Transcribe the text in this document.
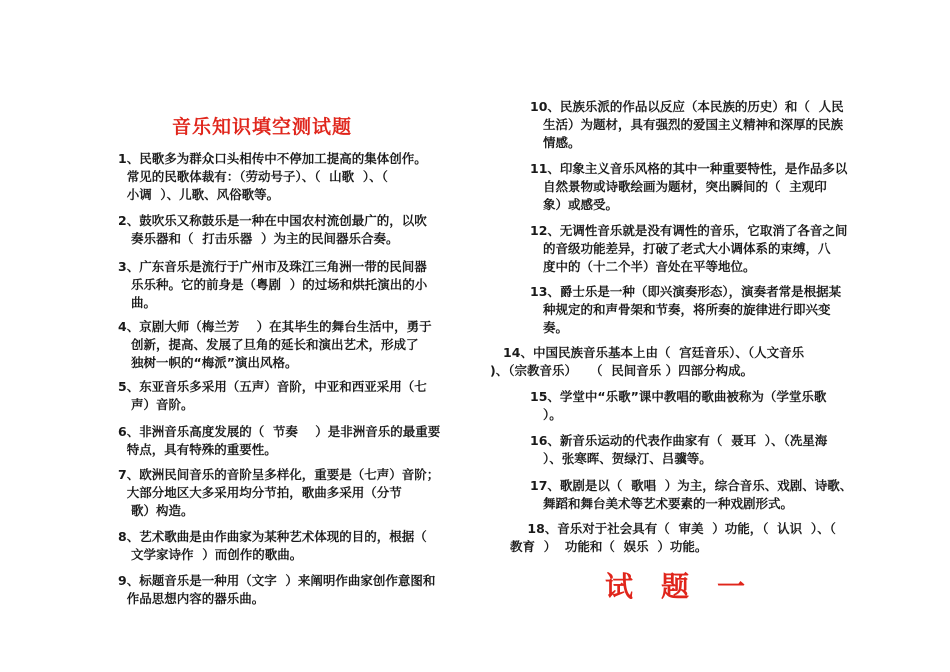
音乐知识填空测试题
1、民歌多为群众口头相传中不停加工提高的集体创作。
常见的民歌体裁有：（劳动号子）、（  山歌  ）、（
小调  ）、儿歌、风俗歌等。
2、鼓吹乐又称鼓乐是一种在中国农村流创最广的，以吹
奏乐器和（  打击乐器  ）为主的民间器乐合奏。
3、广东音乐是流行于广州市及珠江三角洲一带的民间器
乐乐种。它的前身是（粤剧  ）的过场和烘托演出的小
曲。
4、京剧大师（梅兰芳    ）在其毕生的舞台生活中，勇于
创新，提高、发展了旦角的延长和演出艺术，形成了
独树一帜的“梅派”演出风格。
5、东亚音乐多采用（五声）音阶，中亚和西亚采用（七
声）音阶。
6、非洲音乐高度发展的（  节奏    ）是非洲音乐的最重要
特点，具有特殊的重要性。
7、欧洲民间音乐的音阶呈多样化，重要是（七声）音阶；
大部分地区大多采用均分节拍，歌曲多采用（分节
歌）构造。
8、艺术歌曲是由作曲家为某种艺术体现的目的，根据（
文学家诗作  ）而创作的歌曲。
9、标题音乐是一种用（文字  ）来阐明作曲家创作意图和
作品思想内容的器乐曲。
10、民族乐派的作品以反应（本民族的历史）和（  人民
生活）为题材，具有强烈的爱国主义精神和深厚的民族
情感。
11、印象主义音乐风格的其中一种重要特性，是作品多以
自然景物或诗歌绘画为题材，突出瞬间的（  主观印
象）或感受。
12、无调性音乐就是没有调性的音乐，它取消了各音之间
的音级功能差异，打破了老式大小调体系的束缚，八
度中的（十二个半）音处在平等地位。
13、爵士乐是一种（即兴演奏形态），演奏者常是根据某
种规定的和声骨架和节奏，将所奏的旋律进行即兴变
奏。
14、中国民族音乐基本上由（  宫廷音乐）、（人文音乐
)、（宗教音乐）   （  民间音乐 ）四部分构成。
15、学堂中“乐歌”课中教唱的歌曲被称为（学堂乐歌
）。
16、新音乐运动的代表作曲家有（  聂耳  ）、（冼星海
）、张寒晖、贺绿汀、吕骥等。
17、歌剧是以（  歌唱  ）为主，综合音乐、戏剧、诗歌、
舞蹈和舞台美术等艺术要素的一种戏剧形式。
18、音乐对于社会具有（  审美  ）功能，（  认识  ）、（
教育  ）  功能和（  娱乐  ）功能。
试　题　一
